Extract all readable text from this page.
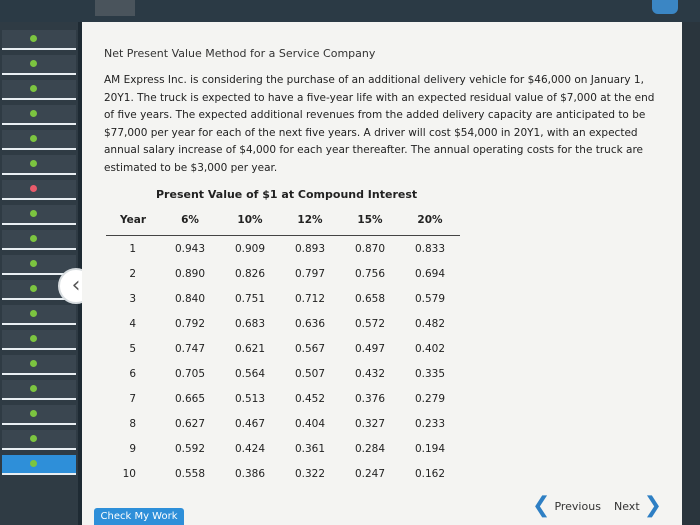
‹
Net Present Value Method for a Service Company
AM Express Inc. is considering the purchase of an additional delivery vehicle for $46,000 on January 1, 20Y1. The truck is expected to have a five-year life with an expected residual value of $7,000 at the end of five years. The expected additional revenues from the added delivery capacity are anticipated to be $77,000 per year for each of the next five years. A driver will cost $54,000 in 20Y1, with an expected annual salary increase of $4,000 for each year thereafter. The annual operating costs for the truck are estimated to be $3,000 per year.
Present Value of $1 at Compound Interest
Year	6%	10%	12%	15%	20%
1	0.943	0.909	0.893	0.870	0.833
2	0.890	0.826	0.797	0.756	0.694
3	0.840	0.751	0.712	0.658	0.579
4	0.792	0.683	0.636	0.572	0.482
5	0.747	0.621	0.567	0.497	0.402
6	0.705	0.564	0.507	0.432	0.335
7	0.665	0.513	0.452	0.376	0.279
8	0.627	0.467	0.404	0.327	0.233
9	0.592	0.424	0.361	0.284	0.194
10	0.558	0.386	0.322	0.247	0.162
Check My Work	❮ Previous Next ❯
